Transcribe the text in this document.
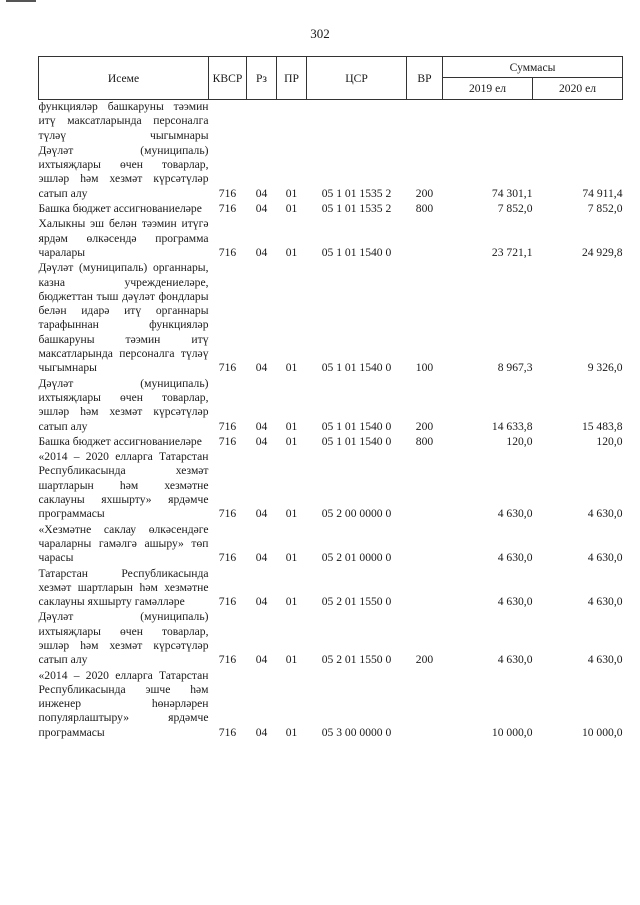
302
Исеме	КВСР	Рз	ПР	ЦСР	ВР	Суммасы	
						2019 ел	2020 ел
функцияләр башкаруны тәэмин итү максатларында персоналга түләү чыгымнары							
Дәүләт (муниципаль) ихтыяҗлары өчен товарлар, эшләр һәм хезмәт күрсәтүләр сатып алу	716	04	01	05 1 01 1535 2	200	74 301,1	74 911,4
Башка бюджет ассигнованиеләре	716	04	01	05 1 01 1535 2	800	7 852,0	7 852,0
Халыкны эш белән тәэмин итүгә ярдәм өлкәсендә программа чаралары	716	04	01	05 1 01 1540 0		23 721,1	24 929,8
Дәүләт (муниципаль) органнары, казна учреждениеләре, бюджеттан тыш дәүләт фондлары белән идарә итү органнары тарафыннан функцияләр башкаруны тәэмин итү максатларында персоналга түләү чыгымнары	716	04	01	05 1 01 1540 0	100	8 967,3	9 326,0
Дәүләт (муниципаль) ихтыяҗлары өчен товарлар, эшләр һәм хезмәт күрсәтүләр сатып алу	716	04	01	05 1 01 1540 0	200	14 633,8	15 483,8
Башка бюджет ассигнованиеләре	716	04	01	05 1 01 1540 0	800	120,0	120,0
«2014 – 2020 елларга Татарстан Республикасында хезмәт шартларын һәм хезмәтне саклауны яхшырту» ярдәмче программасы	716	04	01	05 2 00 0000 0		4 630,0	4 630,0
«Хезмәтне саклау өлкәсендәге чараларны гамәлгә ашыру» төп чарасы	716	04	01	05 2 01 0000 0		4 630,0	4 630,0
Татарстан Республикасында хезмәт шартларын һәм хезмәтне саклауны яхшырту гамәлләре	716	04	01	05 2 01 1550 0		4 630,0	4 630,0
Дәүләт (муниципаль) ихтыяҗлары өчен товарлар, эшләр һәм хезмәт күрсәтүләр сатып алу	716	04	01	05 2 01 1550 0	200	4 630,0	4 630,0
«2014 – 2020 елларга Татарстан Республикасында эшче һәм инженер һөнәрләрен популярлаштыру» ярдәмче программасы	716	04	01	05 3 00 0000 0		10 000,0	10 000,0
